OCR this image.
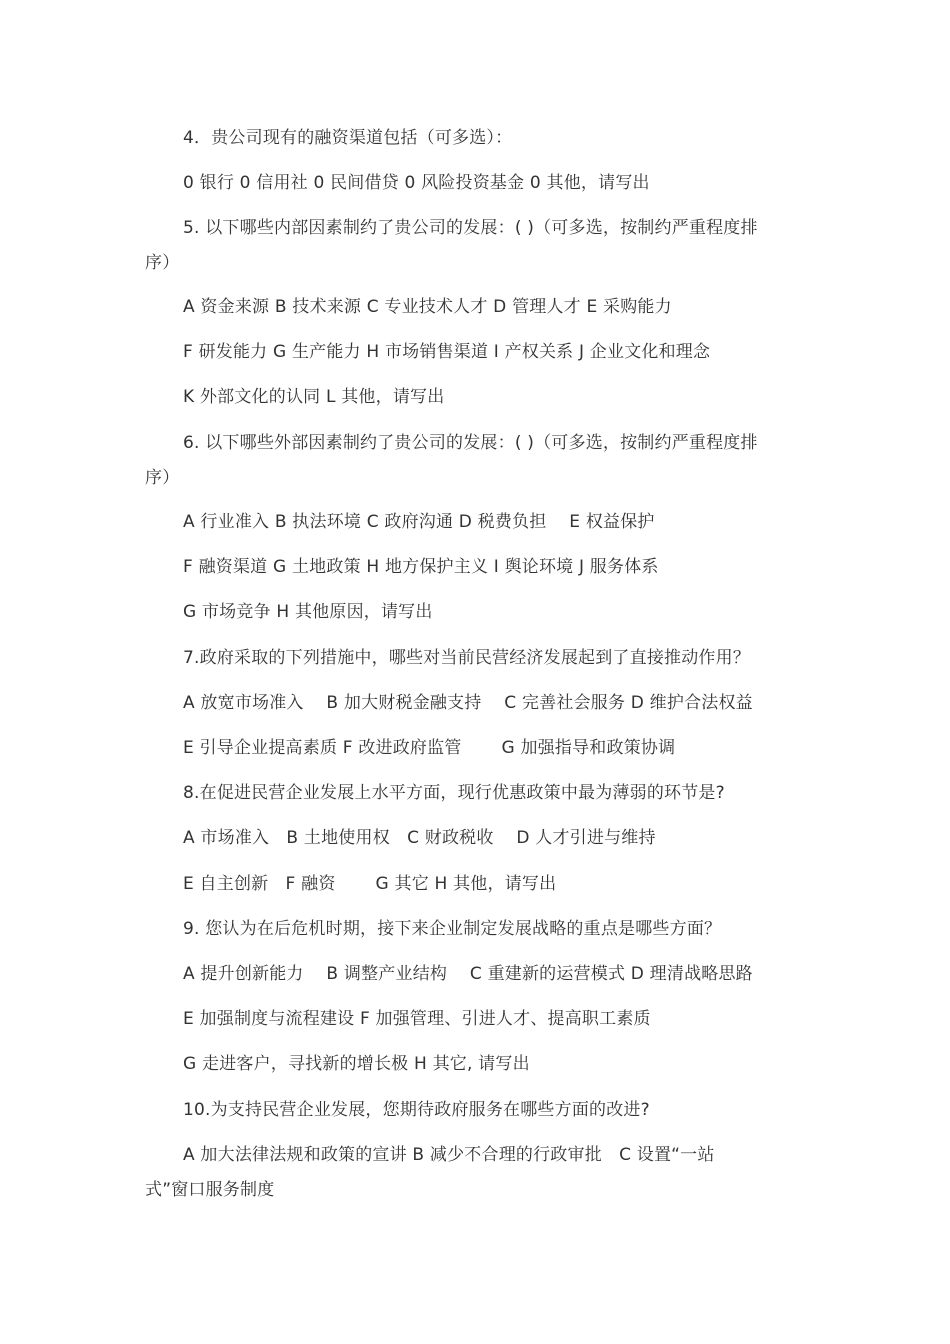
4．贵公司现有的融资渠道包括（可多选）：
0 银行 0 信用社 0 民间借贷 0 风险投资基金 0 其他，请写出
5. 以下哪些内部因素制约了贵公司的发展：( )（可多选，按制约严重程度排
序）
A 资金来源 B 技术来源 C 专业技术人才 D 管理人才 E 采购能力
F 研发能力 G 生产能力 H 市场销售渠道 I 产权关系 J 企业文化和理念
K 外部文化的认同 L 其他，请写出
6. 以下哪些外部因素制约了贵公司的发展：( )（可多选，按制约严重程度排
序）
A 行业准入 B 执法环境 C 政府沟通 D 税费负担　 E 权益保护
F 融资渠道 G 土地政策 H 地方保护主义 I 舆论环境 J 服务体系
G 市场竞争 H 其他原因，请写出
7.政府采取的下列措施中，哪些对当前民营经济发展起到了直接推动作用？
A 放宽市场准入　 B 加大财税金融支持　 C 完善社会服务 D 维护合法权益
E 引导企业提高素质 F 改进政府监管　　 G 加强指导和政策协调
8.在促进民营企业发展上水平方面，现行优惠政策中最为薄弱的环节是?
A 市场准入　B 土地使用权　C 财政税收　 D 人才引进与维持
E 自主创新　F 融资　　 G 其它 H 其他，请写出
9. 您认为在后危机时期，接下来企业制定发展战略的重点是哪些方面？
A 提升创新能力　 B 调整产业结构　 C 重建新的运营模式 D 理清战略思路
E 加强制度与流程建设 F 加强管理、引进人才、提高职工素质
G 走进客户，寻找新的增长极 H 其它, 请写出
10.为支持民营企业发展，您期待政府服务在哪些方面的改进?
A 加大法律法规和政策的宣讲 B 减少不合理的行政审批　C 设置“一站
式”窗口服务制度
